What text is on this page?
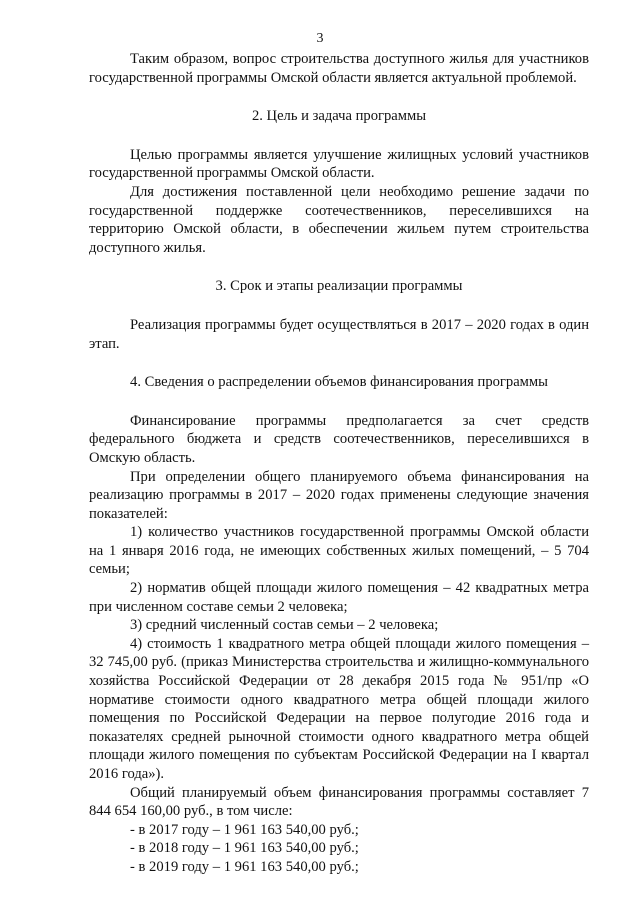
3

Таким образом, вопрос строительства доступного жилья для участников государственной программы Омской области является актуальной проблемой.

2. Цель и задача программы

Целью программы является улучшение жилищных условий участников государственной программы Омской области.

Для достижения поставленной цели необходимо решение задачи по государственной поддержке соотечественников, переселившихся на территорию Омской области, в обеспечении жильем путем строительства доступного жилья.

3. Срок и этапы реализации программы

Реализация программы будет осуществляться в 2017 – 2020 годах в один этап.

4. Сведения о распределении объемов финансирования программы

Финансирование программы предполагается за счет средств федерального бюджета и средств соотечественников, переселившихся в Омскую область.

При определении общего планируемого объема финансирования на реализацию программы в 2017 – 2020 годах применены следующие значения показателей:

1) количество участников государственной программы Омской области на 1 января 2016 года, не имеющих собственных жилых помещений, – 5 704 семьи;

2) норматив общей площади жилого помещения – 42 квадратных метра при численном составе семьи 2 человека;

3) средний численный состав семьи – 2 человека;

4) стоимость 1 квадратного метра общей площади жилого помещения – 32 745,00 руб. (приказ Министерства строительства и жилищно-коммунального хозяйства Российской Федерации от 28 декабря 2015 года № 951/пр «О нормативе стоимости одного квадратного метра общей площади жилого помещения по Российской Федерации на первое полугодие 2016 года и показателях средней рыночной стоимости одного квадратного метра общей площади жилого помещения по субъектам Российской Федерации на I квартал 2016 года»).

Общий планируемый объем финансирования программы составляет 7 844 654 160,00 руб., в том числе:

- в 2017 году – 1 961 163 540,00 руб.;

- в 2018 году – 1 961 163 540,00 руб.;

- в 2019 году – 1 961 163 540,00 руб.;
